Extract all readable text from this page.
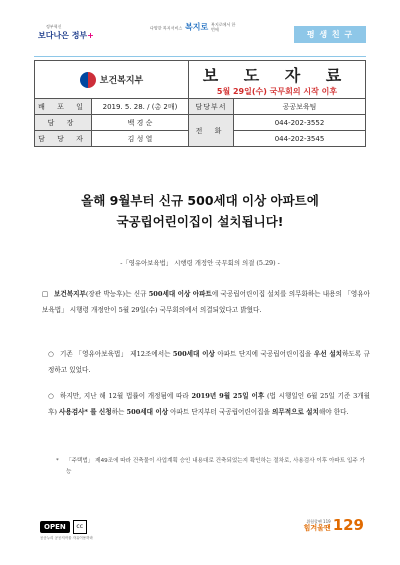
정부혁신
보다나은 정부+
다양한 복지서비스 복지로 복지로에서 한 번에
평 생 친 구
보건복지부		보 도 자 료
5월 29일(수) 국무회의 시작 이후	

배 포 일	2019. 5. 28. / (총 2매)	담당부서	공공보육팀
담 장	백 경 순	전 화	044-202-3552
담 당 자	김 성 열		044-202-3545
올해 9월부터 신규 500세대 이상 아파트에
국공립어린이집이 설치됩니다!
-「영유아보육법」 시행령 개정안 국무회의 의결 (5.29) -
□ 보건복지부(장관 박능후)는 신규 500세대 이상 아파트에 국공립어린이집 설치를 의무화하는 내용의 「영유아보육법」 시행령 개정안이 5월 29일(수) 국무회의에서 의결되었다고 밝혔다.
○ 기존 「영유아보육법」 제12조에서는 500세대 이상 아파트 단지에 국공립어린이집을 우선 설치하도록 규정하고 있었다.
○ 하지만, 지난 해 12월 법률이 개정됨에 따라 2019년 9월 25일 이후 (법 시행일인 6월 25일 기준 3개월 후) 사용검사* 를 신청하는 500세대 이상 아파트 단지부터 국공립어린이집을 의무적으로 설치해야 한다.
* 「주택법」 제49조에 따라 건축물이 사업계획 승인 내용대로 건축되었는지 확인하는 절차로, 사용검사 이후 아파트 입주 가능
OPEN	cc
공공누리 공공저작물 자유이용허락
위험할땐 119
힘겨울땐 129
